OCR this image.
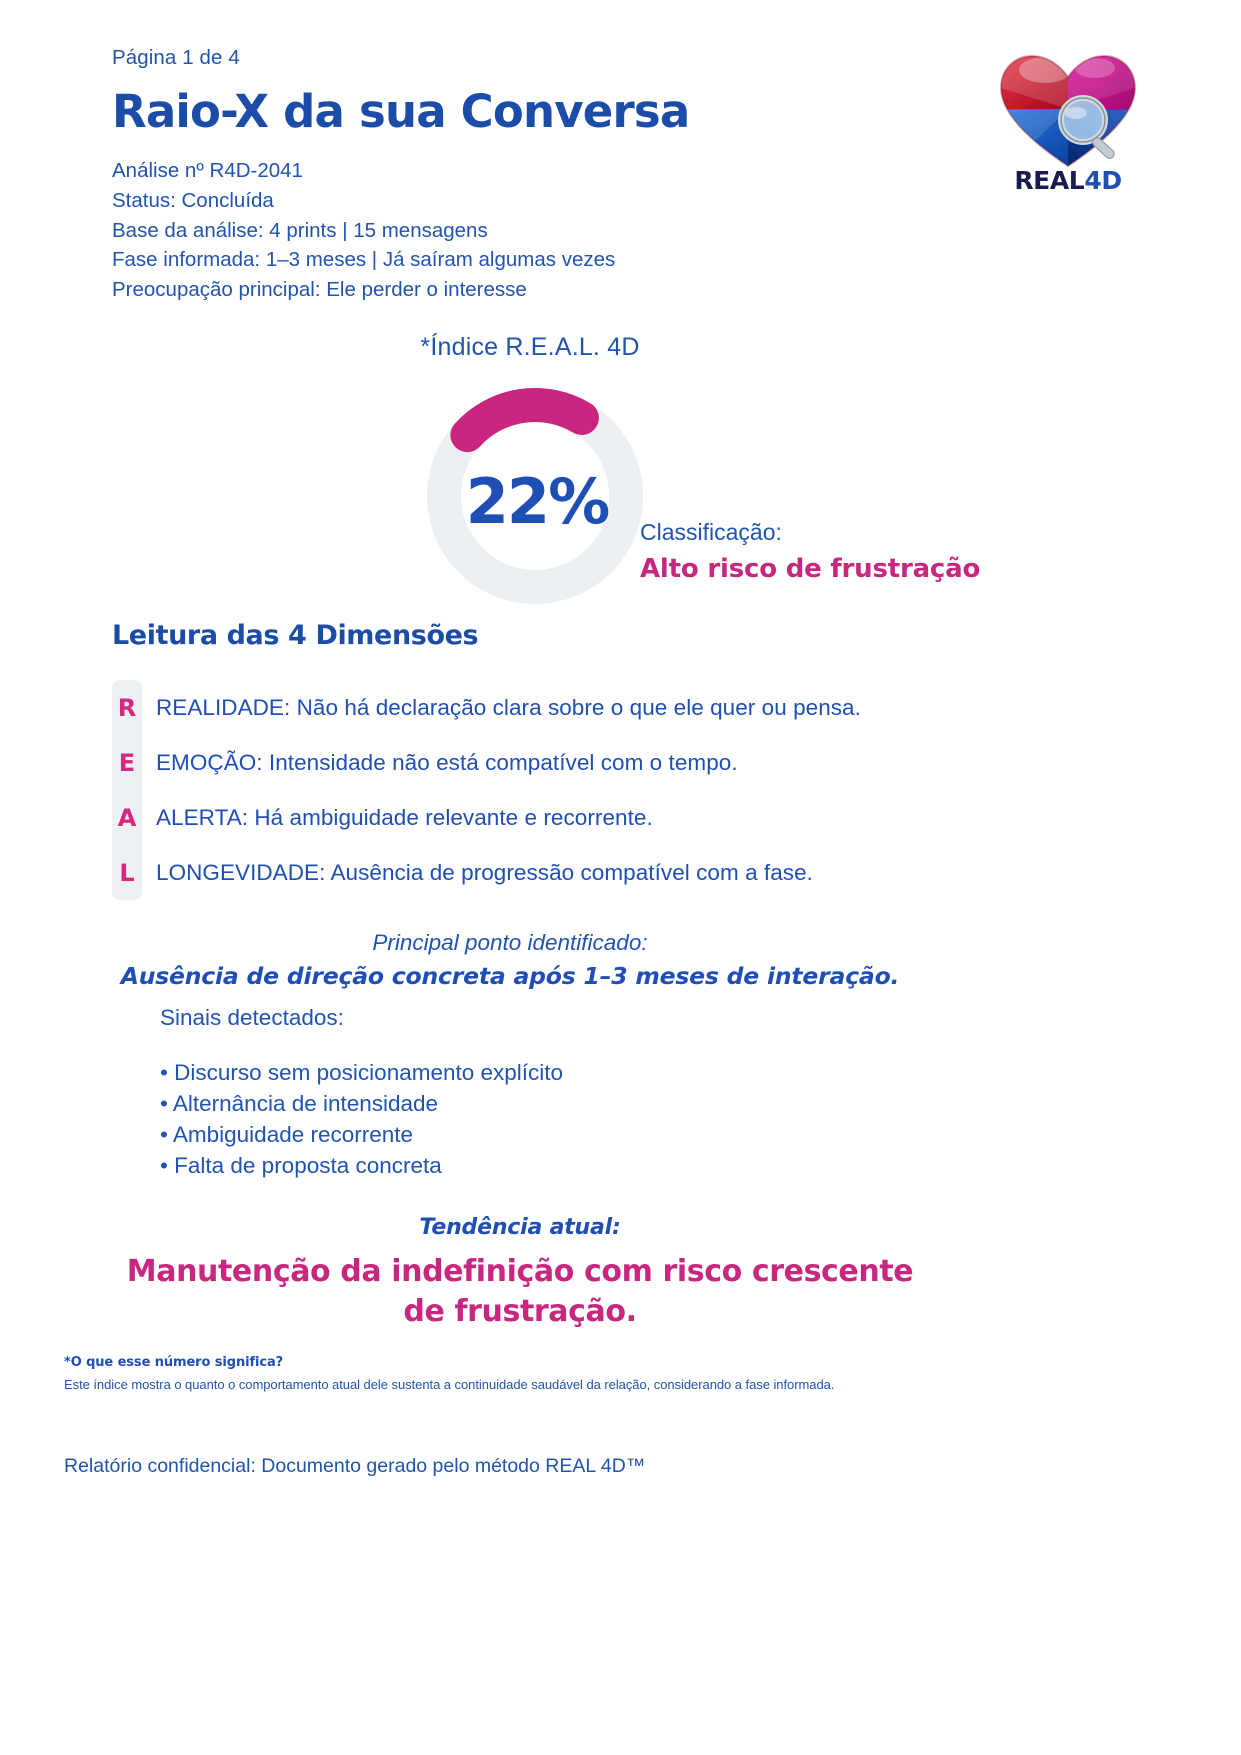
Página 1 de 4
Raio-X da sua Conversa
Análise nº R4D-2041
Status: Concluída
Base da análise: 4 prints | 15 mensagens
Fase informada: 1–3 meses | Já saíram algumas vezes
Preocupação principal: Ele perder o interesse
REAL4D
*Índice R.E.A.L. 4D
22%	Classificação:
Alto risco de frustração
Leitura das 4 Dimensões
R REALIDADE: Não há declaração clara sobre o que ele quer ou pensa.
E EMOÇÃO: Intensidade não está compatível com o tempo.
A ALERTA: Há ambiguidade relevante e recorrente.
L LONGEVIDADE: Ausência de progressão compatível com a fase.
Principal ponto identificado:
Ausência de direção concreta após 1–3 meses de interação.
Sinais detectados:
• Discurso sem posicionamento explícito
• Alternância de intensidade
• Ambiguidade recorrente
• Falta de proposta concreta
Tendência atual:
Manutenção da indefinição com risco crescente de frustração.
*O que esse número significa?
Este índice mostra o quanto o comportamento atual dele sustenta a continuidade saudável da relação, considerando a fase informada.
Relatório confidencial: Documento gerado pelo método REAL 4D™
